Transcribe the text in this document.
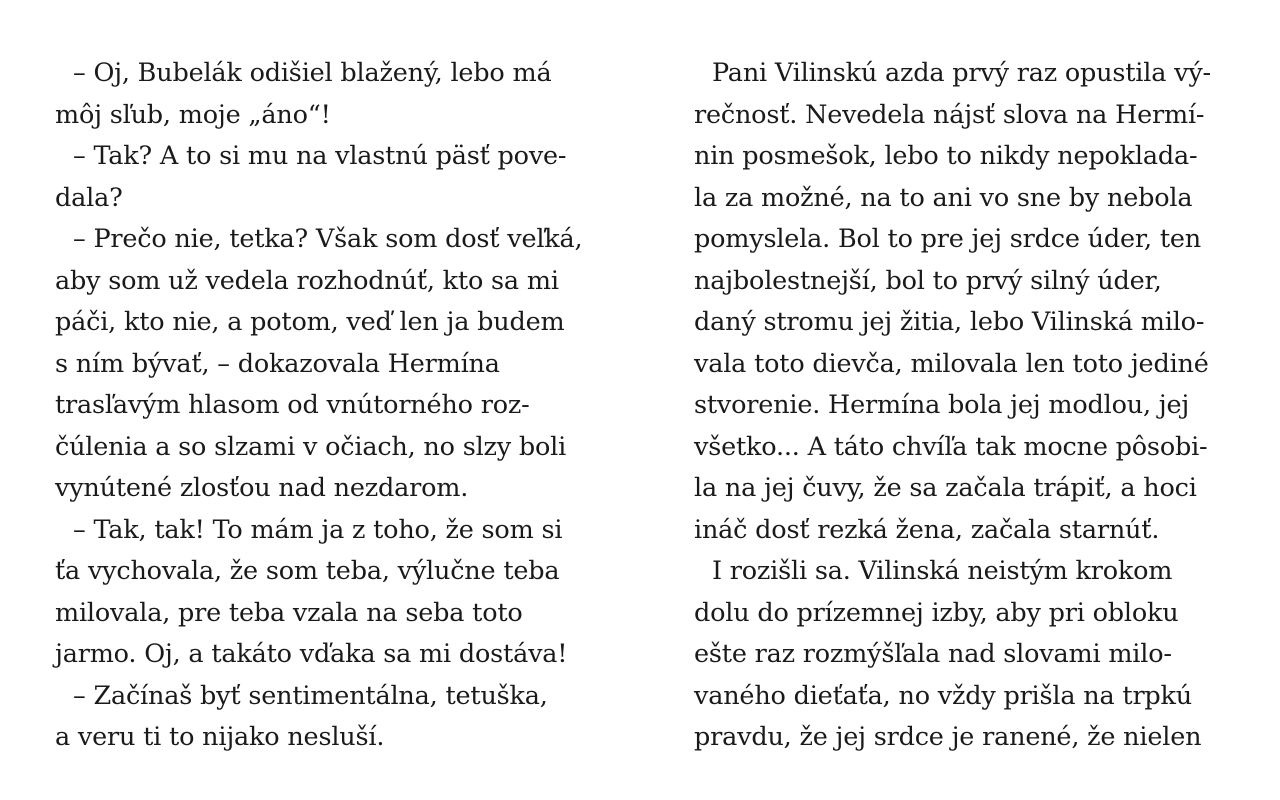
– Oj, Bubelák odišiel blažený, lebo má
môj sľub, moje „áno“!
– Tak? A to si mu na vlastnú päsť pove-
dala?
– Prečo nie, tetka? Však som dosť veľká,
aby som už vedela rozhodnúť, kto sa mi
páči, kto nie, a potom, veď len ja budem
s ním bývať, – dokazovala Hermína
trasľavým hlasom od vnútorného roz-
čúlenia a so slzami v očiach, no slzy boli
vynútené zlosťou nad nezdarom.
– Tak, tak! To mám ja z toho, že som si
ťa vychovala, že som teba, výlučne teba
milovala, pre teba vzala na seba toto
jarmo. Oj, a takáto vďaka sa mi dostáva!
– Začínaš byť sentimentálna, tetuška,
a veru ti to nijako nesluší.
Pani Vilinskú azda prvý raz opustila vý-
rečnosť. Nevedela nájsť slova na Hermí-
nin posmešok, lebo to nikdy nepoklada-
la za možné, na to ani vo sne by nebola
pomyslela. Bol to pre jej srdce úder, ten
najbolestnejší, bol to prvý silný úder,
daný stromu jej žitia, lebo Vilinská milo-
vala toto dievča, milovala len toto jediné
stvorenie. Hermína bola jej modlou, jej
všetko... A táto chvíľa tak mocne pôsobi-
la na jej čuvy, že sa začala trápiť, a hoci
ináč dosť rezká žena, začala starnúť.
I rozišli sa. Vilinská neistým krokom
dolu do prízemnej izby, aby pri obloku
ešte raz rozmýšľala nad slovami milo-
vaného dieťaťa, no vždy prišla na trpkú
pravdu, že jej srdce je ranené, že nielen
